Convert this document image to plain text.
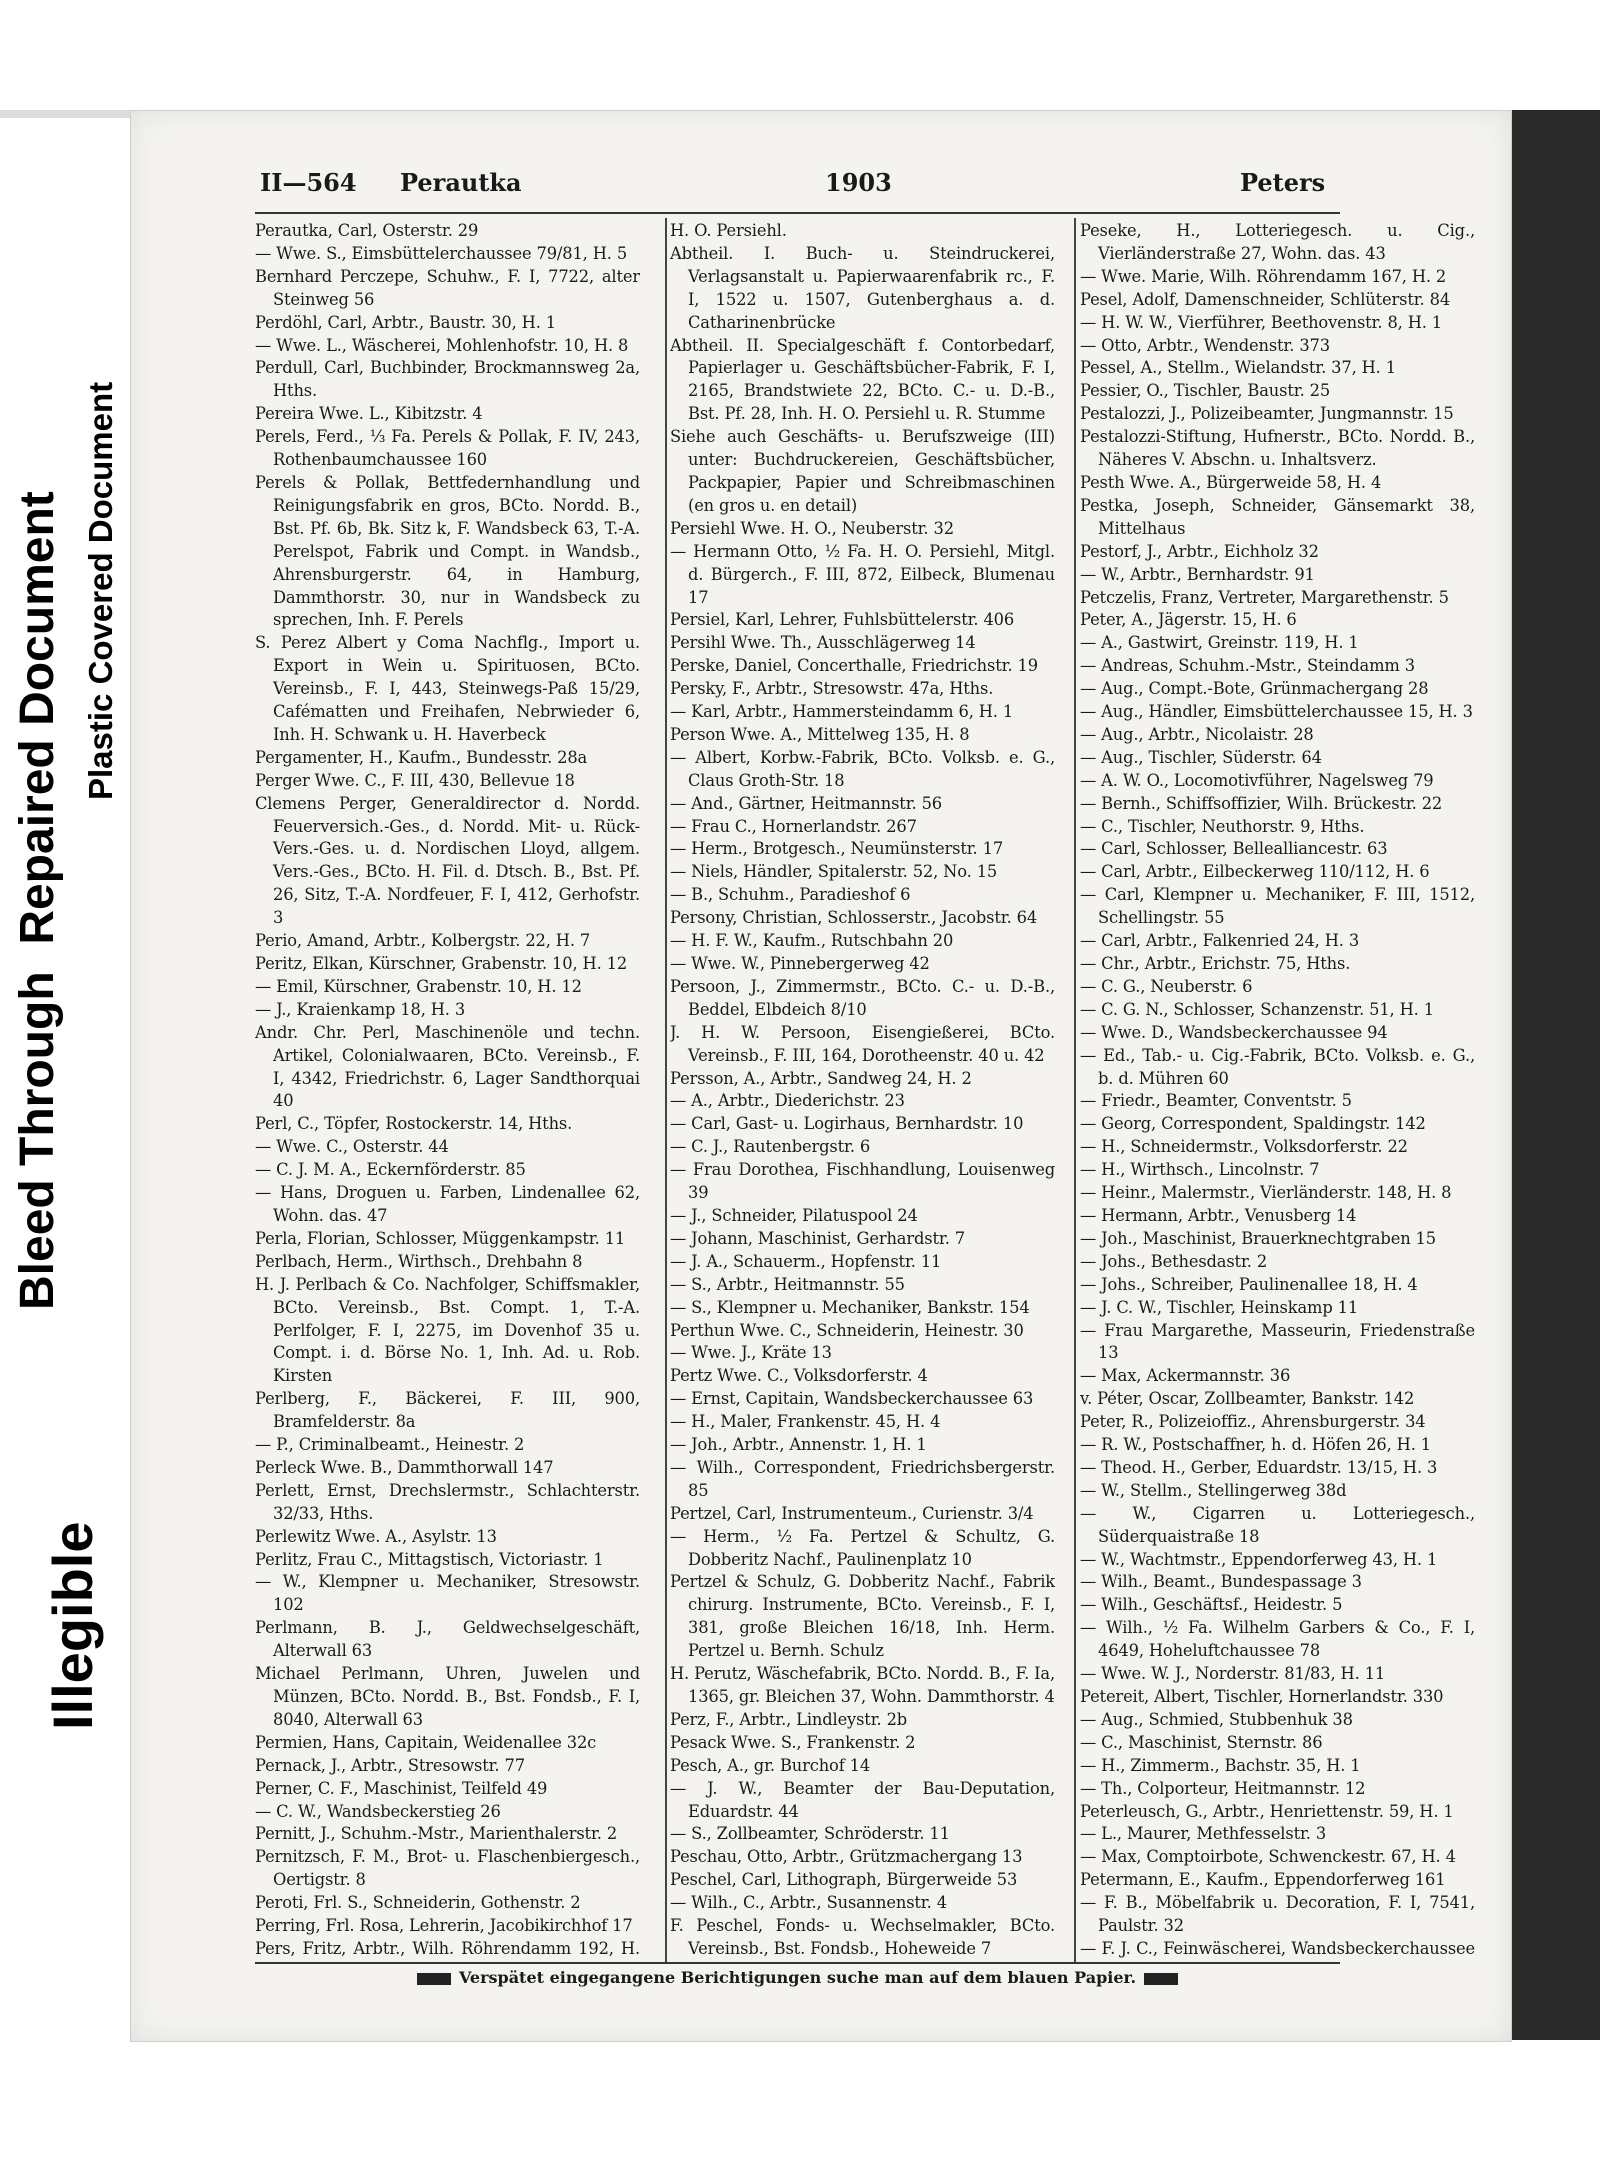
Bleed Through  Repaired Document Plastic Covered Document
Illegible
II—564 Perautka	1903	Peters

Perautka, Carl, Osterstr. 29

— Wwe. S., Eimsbüttelerchaussee 79/81, H. 5

Bernhard Perczepe, Schuhw., F. I, 7722, alter Steinweg 56

Perdöhl, Carl, Arbtr., Baustr. 30, H. 1

— Wwe. L., Wäscherei, Mohlenhofstr. 10, H. 8

Perdull, Carl, Buchbinder, Brockmannsweg 2a, Hths.

Pereira Wwe. L., Kibitzstr. 4

Perels, Ferd., ⅟₃ Fa. Perels & Pollak, F. IV, 243, Rothenbaumchaussee 160

Perels & Pollak, Bettfedernhandlung und Reinigungsfabrik en gros, BCto. Nordd. B., Bst. Pf. 6b, Bk. Sitz k, F. Wandsbeck 63, T.-A. Perelspot, Fabrik und Compt. in Wandsb., Ahrensburgerstr. 64, in Hamburg, Dammthorstr. 30, nur in Wandsbeck zu sprechen, Inh. F. Perels

S. Perez Albert y Coma Nachflg., Import u. Export in Wein u. Spirituosen, BCto. Vereinsb., F. I, 443, Steinwegs-Paß 15/29, Cafématten und Freihafen, Nebrwieder 6, Inh. H. Schwank u. H. Haverbeck

Pergamenter, H., Kaufm., Bundesstr. 28a

Perger Wwe. C., F. III, 430, Bellevue 18

Clemens Perger, Generaldirector d. Nordd. Feuerversich.-Ges., d. Nordd. Mit- u. Rück-Vers.-Ges. u. d. Nordischen Lloyd, allgem. Vers.-Ges., BCto. H. Fil. d. Dtsch. B., Bst. Pf. 26, Sitz, T.-A. Nordfeuer, F. I, 412, Gerhofstr. 3

Perio, Amand, Arbtr., Kolbergstr. 22, H. 7

Peritz, Elkan, Kürschner, Grabenstr. 10, H. 12

— Emil, Kürschner, Grabenstr. 10, H. 12

— J., Kraienkamp 18, H. 3

Andr. Chr. Perl, Maschinenöle und techn. Artikel, Colonialwaaren, BCto. Vereinsb., F. I, 4342, Friedrichstr. 6, Lager Sandthorquai 40

Perl, C., Töpfer, Rostockerstr. 14, Hths.

— Wwe. C., Osterstr. 44

— C. J. M. A., Eckernförderstr. 85

— Hans, Droguen u. Farben, Lindenallee 62, Wohn. das. 47

Perla, Florian, Schlosser, Müggenkampstr. 11

Perlbach, Herm., Wirthsch., Drehbahn 8

H. J. Perlbach & Co. Nachfolger, Schiffsmakler, BCto. Vereinsb., Bst. Compt. 1, T.-A. Perlfolger, F. I, 2275, im Dovenhof 35 u. Compt. i. d. Börse No. 1, Inh. Ad. u. Rob. Kirsten

Perlberg, F., Bäckerei, F. III, 900, Bramfelderstr. 8a

— P., Criminalbeamt., Heinestr. 2

Perleck Wwe. B., Dammthorwall 147

Perlett, Ernst, Drechslermstr., Schlachterstr. 32/33, Hths.

Perlewitz Wwe. A., Asylstr. 13

Perlitz, Frau C., Mittagstisch, Victoriastr. 1

— W., Klempner u. Mechaniker, Stresowstr. 102

Perlmann, B. J., Geldwechselgeschäft, Alterwall 63

Michael Perlmann, Uhren, Juwelen und Münzen, BCto. Nordd. B., Bst. Fondsb., F. I, 8040, Alterwall 63

Permien, Hans, Capitain, Weidenallee 32c

Pernack, J., Arbtr., Stresowstr. 77

Perner, C. F., Maschinist, Teilfeld 49

— C. W., Wandsbeckerstieg 26

Pernitt, J., Schuhm.-Mstr., Marienthalerstr. 2

Pernitzsch, F. M., Brot- u. Flaschenbiergesch., Oertigstr. 8

Peroti, Frl. S., Schneiderin, Gothenstr. 2

Perring, Frl. Rosa, Lehrerin, Jacobikirchhof 17

Pers, Fritz, Arbtr., Wilh. Röhrendamm 192, H.

H. O. Persiehl.

Abtheil. I. Buch- u. Steindruckerei, Verlagsanstalt u. Papierwaarenfabrik rc., F. I, 1522 u. 1507, Gutenberghaus a. d. Catharinenbrücke

Abtheil. II. Specialgeschäft f. Contorbedarf, Papierlager u. Geschäftsbücher-Fabrik, F. I, 2165, Brandstwiete 22, BCto. C.- u. D.-B., Bst. Pf. 28, Inh. H. O. Persiehl u. R. Stumme

Siehe auch Geschäfts- u. Berufszweige (III) unter: Buchdruckereien, Geschäftsbücher, Packpapier, Papier und Schreibmaschinen (en gros u. en detail)

Persiehl Wwe. H. O., Neuberstr. 32

— Hermann Otto, ⅟₂ Fa. H. O. Persiehl, Mitgl. d. Bürgerch., F. III, 872, Eilbeck, Blumenau 17

Persiel, Karl, Lehrer, Fuhlsbüttelerstr. 406

Persihl Wwe. Th., Ausschlägerweg 14

Perske, Daniel, Concerthalle, Friedrichstr. 19

Persky, F., Arbtr., Stresowstr. 47a, Hths.

— Karl, Arbtr., Hammersteindamm 6, H. 1

Person Wwe. A., Mittelweg 135, H. 8

— Albert, Korbw.-Fabrik, BCto. Volksb. e. G., Claus Groth-Str. 18

— And., Gärtner, Heitmannstr. 56

— Frau C., Hornerlandstr. 267

— Herm., Brotgesch., Neumünsterstr. 17

— Niels, Händler, Spitalerstr. 52, No. 15

— B., Schuhm., Paradieshof 6

Persony, Christian, Schlosserstr., Jacobstr. 64

— H. F. W., Kaufm., Rutschbahn 20

— Wwe. W., Pinnebergerweg 42

Persoon, J., Zimmermstr., BCto. C.- u. D.-B., Beddel, Elbdeich 8/10

J. H. W. Persoon, Eisengießerei, BCto. Vereinsb., F. III, 164, Dorotheenstr. 40 u. 42

Persson, A., Arbtr., Sandweg 24, H. 2

— A., Arbtr., Diederichstr. 23

— Carl, Gast- u. Logirhaus, Bernhardstr. 10

— C. J., Rautenbergstr. 6

— Frau Dorothea, Fischhandlung, Louisenweg 39

— J., Schneider, Pilatuspool 24

— Johann, Maschinist, Gerhardstr. 7

— J. A., Schauerm., Hopfenstr. 11

— S., Arbtr., Heitmannstr. 55

— S., Klempner u. Mechaniker, Bankstr. 154

Perthun Wwe. C., Schneiderin, Heinestr. 30

— Wwe. J., Kräte 13

Pertz Wwe. C., Volksdorferstr. 4

— Ernst, Capitain, Wandsbeckerchaussee 63

— H., Maler, Frankenstr. 45, H. 4

— Joh., Arbtr., Annenstr. 1, H. 1

— Wilh., Correspondent, Friedrichsbergerstr. 85

Pertzel, Carl, Instrumenteum., Curienstr. 3/4

— Herm., ⅟₂ Fa. Pertzel & Schultz, G. Dobberitz Nachf., Paulinenplatz 10

Pertzel & Schulz, G. Dobberitz Nachf., Fabrik chirurg. Instrumente, BCto. Vereinsb., F. I, 381, große Bleichen 16/18, Inh. Herm. Pertzel u. Bernh. Schulz

H. Perutz, Wäschefabrik, BCto. Nordd. B., F. Ia, 1365, gr. Bleichen 37, Wohn. Dammthorstr. 4

Perz, F., Arbtr., Lindleystr. 2b

Pesack Wwe. S., Frankenstr. 2

Pesch, A., gr. Burchof 14

— J. W., Beamter der Bau-Deputation, Eduardstr. 44

— S., Zollbeamter, Schröderstr. 11

Peschau, Otto, Arbtr., Grützmachergang 13

Peschel, Carl, Lithograph, Bürgerweide 53

— Wilh., C., Arbtr., Susannenstr. 4

F. Peschel, Fonds- u. Wechselmakler, BCto. Vereinsb., Bst. Fondsb., Hoheweide 7

Peseke, H., Lotteriegesch. u. Cig., Vierländerstraße 27, Wohn. das. 43

— Wwe. Marie, Wilh. Röhrendamm 167, H. 2

Pesel, Adolf, Damenschneider, Schlüterstr. 84

— H. W. W., Vierführer, Beethovenstr. 8, H. 1

— Otto, Arbtr., Wendenstr. 373

Pessel, A., Stellm., Wielandstr. 37, H. 1

Pessier, O., Tischler, Baustr. 25

Pestalozzi, J., Polizeibeamter, Jungmannstr. 15

Pestalozzi-Stiftung, Hufnerstr., BCto. Nordd. B., Näheres V. Abschn. u. Inhaltsverz.

Pesth Wwe. A., Bürgerweide 58, H. 4

Pestka, Joseph, Schneider, Gänsemarkt 38, Mittelhaus

Pestorf, J., Arbtr., Eichholz 32

— W., Arbtr., Bernhardstr. 91

Petczelis, Franz, Vertreter, Margarethenstr. 5

Peter, A., Jägerstr. 15, H. 6

— A., Gastwirt, Greinstr. 119, H. 1

— Andreas, Schuhm.-Mstr., Steindamm 3

— Aug., Compt.-Bote, Grünmachergang 28

— Aug., Händler, Eimsbüttelerchaussee 15, H. 3

— Aug., Arbtr., Nicolaistr. 28

— Aug., Tischler, Süderstr. 64

— A. W. O., Locomotivführer, Nagelsweg 79

— Bernh., Schiffsoffizier, Wilh. Brückestr. 22

— C., Tischler, Neuthorstr. 9, Hths.

— Carl, Schlosser, Bellealliancestr. 63

— Carl, Arbtr., Eilbeckerweg 110/112, H. 6

— Carl, Klempner u. Mechaniker, F. III, 1512, Schellingstr. 55

— Carl, Arbtr., Falkenried 24, H. 3

— Chr., Arbtr., Erichstr. 75, Hths.

— C. G., Neuberstr. 6

— C. G. N., Schlosser, Schanzenstr. 51, H. 1

— Wwe. D., Wandsbeckerchaussee 94

— Ed., Tab.- u. Cig.-Fabrik, BCto. Volksb. e. G., b. d. Mühren 60

— Friedr., Beamter, Conventstr. 5

— Georg, Correspondent, Spaldingstr. 142

— H., Schneidermstr., Volksdorferstr. 22

— H., Wirthsch., Lincolnstr. 7

— Heinr., Malermstr., Vierländerstr. 148, H. 8

— Hermann, Arbtr., Venusberg 14

— Joh., Maschinist, Brauerknechtgraben 15

— Johs., Bethesdastr. 2

— Johs., Schreiber, Paulinenallee 18, H. 4

— J. C. W., Tischler, Heinskamp 11

— Frau Margarethe, Masseurin, Friedenstraße 13

— Max, Ackermannstr. 36

v. Péter, Oscar, Zollbeamter, Bankstr. 142

Peter, R., Polizeioffiz., Ahrensburgerstr. 34

— R. W., Postschaffner, h. d. Höfen 26, H. 1

— Theod. H., Gerber, Eduardstr. 13/15, H. 3

— W., Stellm., Stellingerweg 38d

— W., Cigarren u. Lotteriegesch., Süderquaistraße 18

— W., Wachtmstr., Eppendorferweg 43, H. 1

— Wilh., Beamt., Bundespassage 3

— Wilh., Geschäftsf., Heidestr. 5

— Wilh., ⅟₂ Fa. Wilhelm Garbers & Co., F. I, 4649, Hoheluftchaussee 78

— Wwe. W. J., Norderstr. 81/83, H. 11

Petereit, Albert, Tischler, Hornerlandstr. 330

— Aug., Schmied, Stubbenhuk 38

— C., Maschinist, Sternstr. 86

— H., Zimmerm., Bachstr. 35, H. 1

— Th., Colporteur, Heitmannstr. 12

Peterleusch, G., Arbtr., Henriettenstr. 59, H. 1

— L., Maurer, Methfesselstr. 3

— Max, Comptoirbote, Schwenckestr. 67, H. 4

Petermann, E., Kaufm., Eppendorferweg 161

— F. B., Möbelfabrik u. Decoration, F. I, 7541, Paulstr. 32

— F. J. C., Feinwäscherei, Wandsbeckerchaussee

Verspätet eingegangene Berichtigungen suche man auf dem blauen Papier.
